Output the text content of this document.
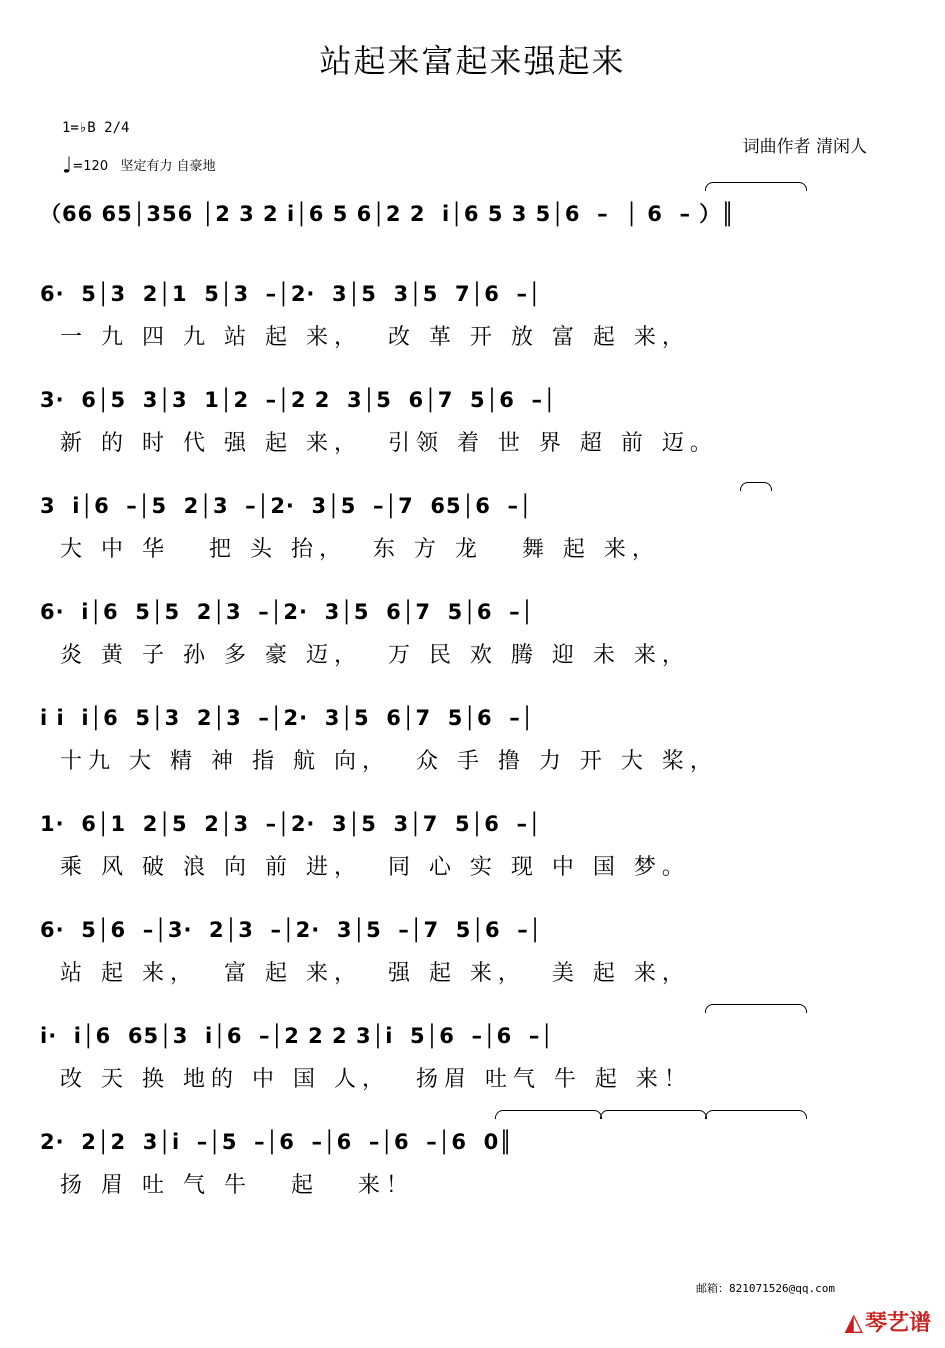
站起来富起来强起来
1=♭B 2/4
♩=120 坚定有力 自豪地
词曲作者 清闲人
（66 65│356 │2 3 2 i│6 5 6│2 2  i│6 5 3 5│6  –  │ 6  – ）║
6·  5│3  2│1  5│3  –│2·  3│5  3│5  7│6  –│
一 九 四 九 站 起 来，  改 革 开 放 富 起 来，
3·  6│5  3│3  1│2  –│2 2  3│5  6│7  5│6  –│
新 的 时 代 强 起 来，  引领 着 世 界 超 前 迈。
3  i│6  –│5  2│3  –│2·  3│5  –│7  65│6  –│
大 中 华   把 头 抬，  东 方 龙   舞 起 来，
6·  i│6  5│5  2│3  –│2·  3│5  6│7  5│6  –│
炎 黄 子 孙 多 豪 迈，  万 民 欢 腾 迎 未 来，
i i  i│6  5│3  2│3  –│2·  3│5  6│7  5│6  –│
十九 大 精 神 指 航 向，  众 手 撸 力 开 大 桨，
1·  6│1  2│5  2│3  –│2·  3│5  3│7  5│6  –│
乘 风 破 浪 向 前 进，  同 心 实 现 中 国 梦。
6·  5│6  –│3·  2│3  –│2·  3│5  –│7  5│6  –│
站 起 来，  富 起 来，  强 起 来，  美 起 来，
i·  i│6  65│3  i│6  –│2 2 2 3│i  5│6  –│6  –│
改 天 换 地的 中 国 人，  扬眉 吐气 牛 起 来！
2·  2│2  3│i  –│5  –│6  –│6  –│6  –│6  0║
扬 眉 吐 气 牛   起   来！
邮箱：821071526@qq.com
◭琴艺谱
